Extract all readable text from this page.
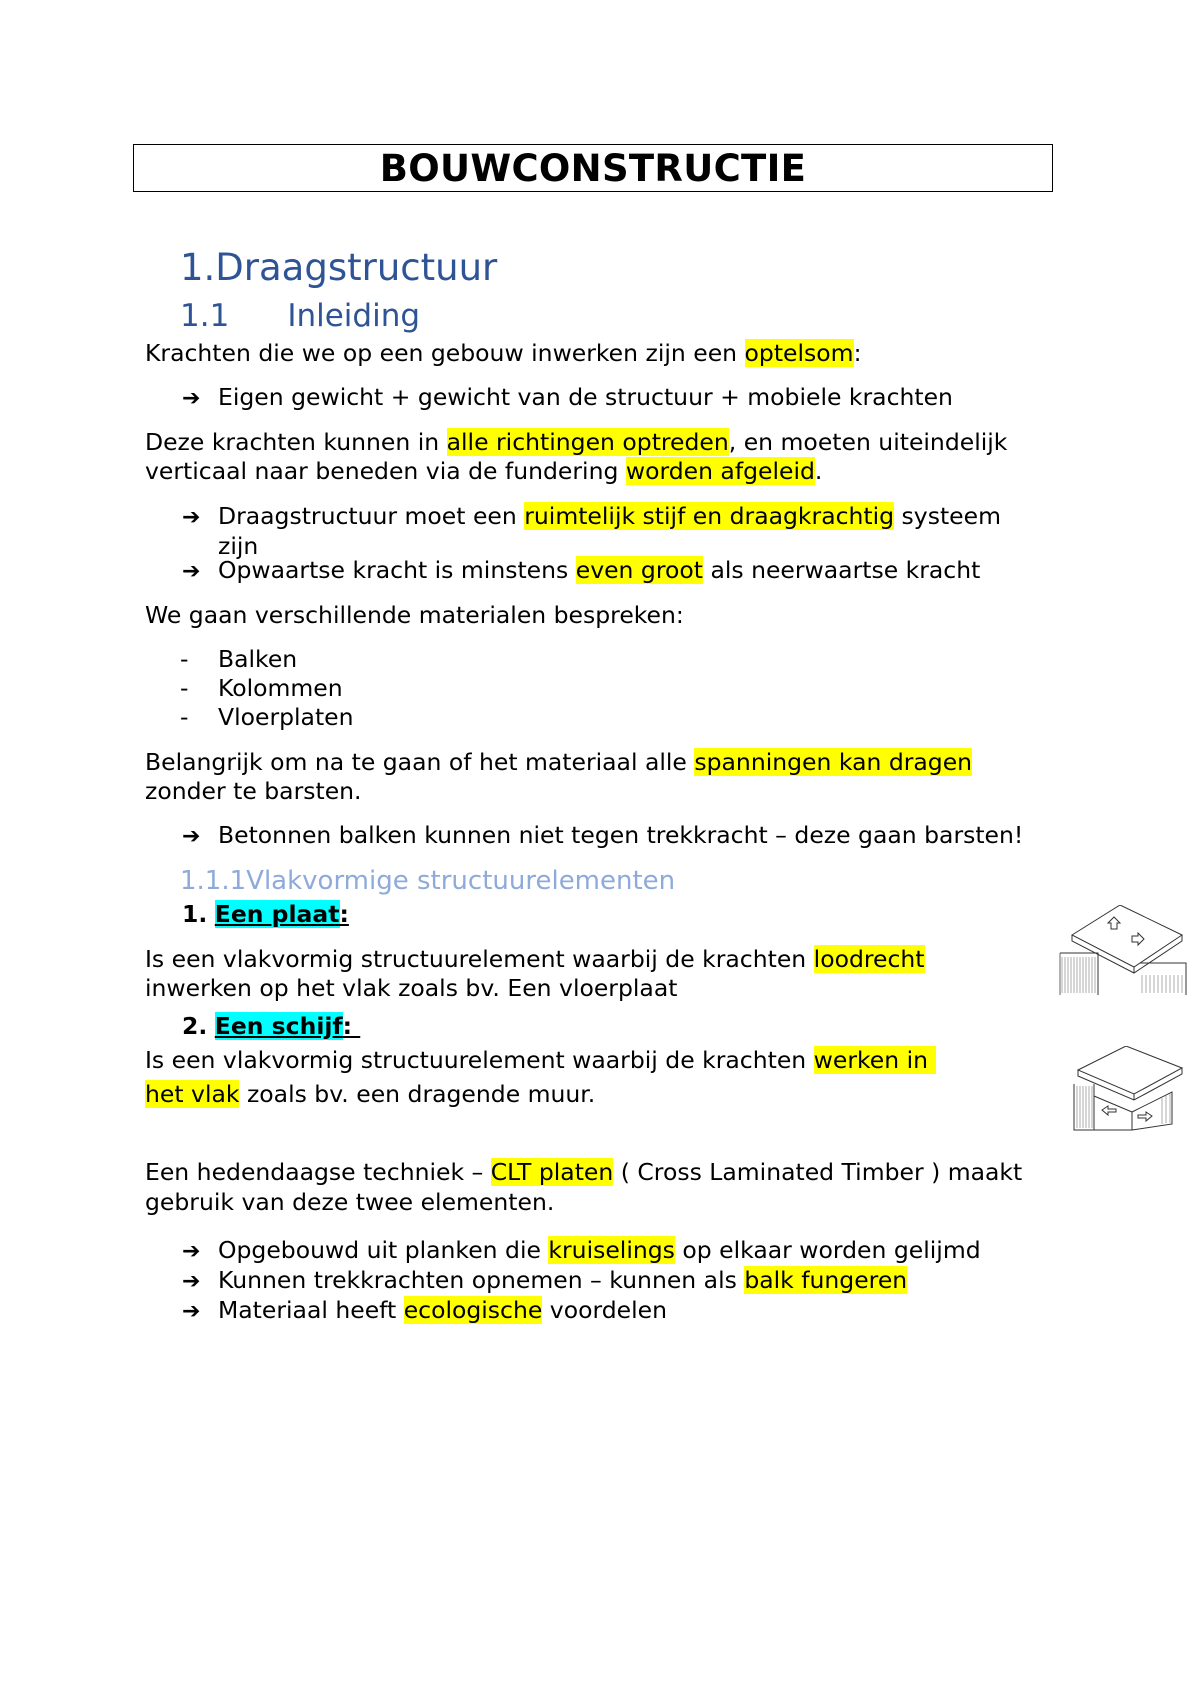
BOUWCONSTRUCTIE
1.Draagstructuur
1.1 Inleiding
Krachten die we op een gebouw inwerken zijn een optelsom:
➔ Eigen gewicht + gewicht van de structuur + mobiele krachten
Deze krachten kunnen in alle richtingen optreden, en moeten uiteindelijk
verticaal naar beneden via de fundering worden afgeleid.
➔ Draagstructuur moet een ruimtelijk stijf en draagkrachtig systeem
zijn
➔ Opwaartse kracht is minstens even groot als neerwaartse kracht
We gaan verschillende materialen bespreken:
- Balken
- Kolommen
- Vloerplaten
Belangrijk om na te gaan of het materiaal alle spanningen kan dragen
zonder te barsten.
➔ Betonnen balken kunnen niet tegen trekkracht – deze gaan barsten!
1.1.1Vlakvormige structuurelementen
1. Een plaat:
Is een vlakvormig structuurelement waarbij de krachten loodrecht
inwerken op het vlak zoals bv. Een vloerplaat
2. Een schijf:
Is een vlakvormig structuurelement waarbij de krachten werken in
het vlak zoals bv. een dragende muur.
Een hedendaagse techniek – CLT platen ( Cross Laminated Timber ) maakt
gebruik van deze twee elementen.
➔ Opgebouwd uit planken die kruiselings op elkaar worden gelijmd
➔ Kunnen trekkrachten opnemen – kunnen als balk fungeren
➔ Materiaal heeft ecologische voordelen
